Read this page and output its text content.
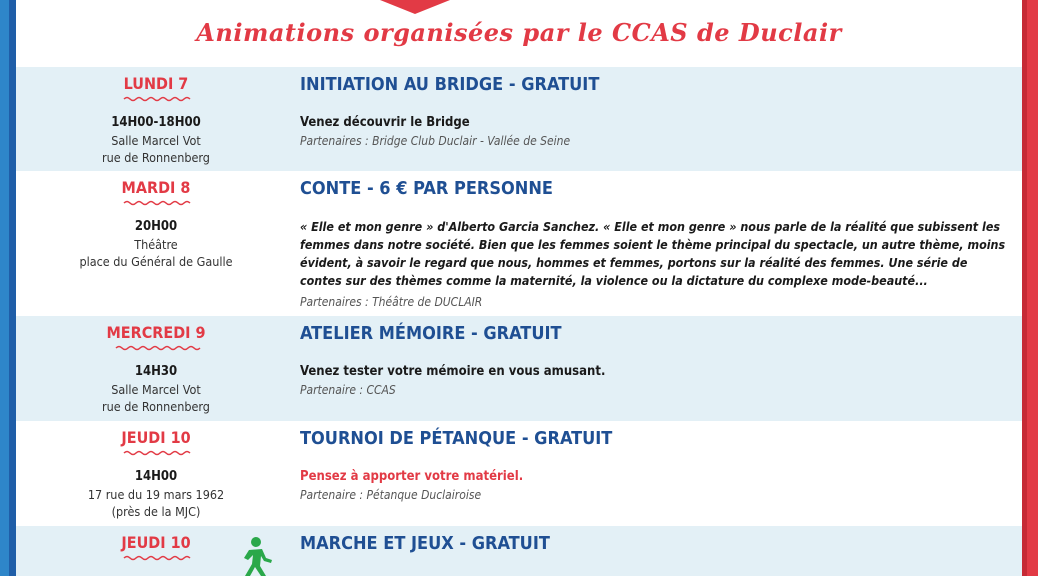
Animations organisées par le CCAS de Duclair
LUNDI 7
14H00-18H00
Salle Marcel Vot
rue de Ronnenberg
INITIATION AU BRIDGE - GRATUIT
Venez découvrir le Bridge
Partenaires : Bridge Club Duclair - Vallée de Seine
MARDI 8
20H00
Théâtre
place du Général de Gaulle
CONTE - 6 € PAR PERSONNE
« Elle et mon genre » d'Alberto Garcia Sanchez. « Elle et mon genre » nous parle de la réalité que subissent les femmes dans notre société. Bien que les femmes soient le thème principal du spectacle, un autre thème, moins évident, à savoir le regard que nous, hommes et femmes, portons sur la réalité des femmes. Une série de contes sur des thèmes comme la maternité, la violence ou la dictature du complexe mode-beauté...
Partenaires : Théâtre de DUCLAIR
MERCREDI 9
14H30
Salle Marcel Vot
rue de Ronnenberg
ATELIER MÉMOIRE - GRATUIT
Venez tester votre mémoire en vous amusant.
Partenaire : CCAS
JEUDI 10
14H00
17 rue du 19 mars 1962
(près de la MJC)
TOURNOI DE PÉTANQUE - GRATUIT
Pensez à apporter votre matériel.
Partenaire : Pétanque Duclairoise
JEUDI 10	MARCHE ET JEUX - GRATUIT
